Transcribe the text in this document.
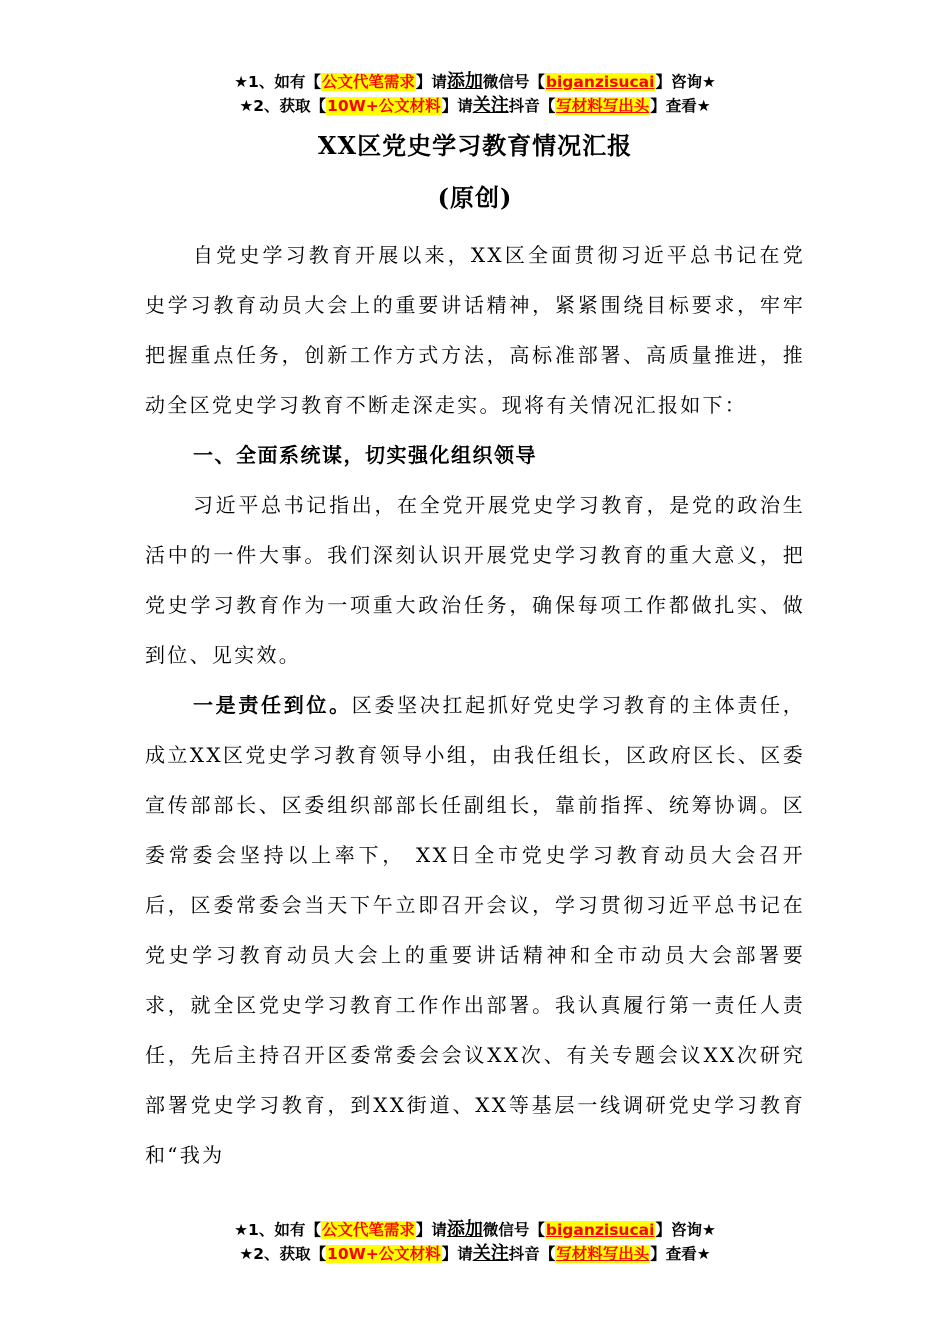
★1、如有【公文代笔需求】请添加微信号【biganzisucai】咨询★
★2、获取【10W+公文材料】请关注抖音【写材料写出头】查看★
XX区党史学习教育情况汇报
(原创)

自党史学习教育开展以来，XX区全面贯彻习近平总书记在党史学习教育动员大会上的重要讲话精神，紧紧围绕目标要求，牢牢把握重点任务，创新工作方式方法，高标准部署、高质量推进，推动全区党史学习教育不断走深走实。现将有关情况汇报如下：

一、全面系统谋，切实强化组织领导

习近平总书记指出，在全党开展党史学习教育，是党的政治生活中的一件大事。我们深刻认识开展党史学习教育的重大意义，把党史学习教育作为一项重大政治任务，确保每项工作都做扎实、做到位、见实效。

一是责任到位。区委坚决扛起抓好党史学习教育的主体责任，成立XX区党史学习教育领导小组，由我任组长，区政府区长、区委宣传部部长、区委组织部部长任副组长，靠前指挥、统筹协调。区委常委会坚持以上率下， XX日全市党史学习教育动员大会召开后，区委常委会当天下午立即召开会议，学习贯彻习近平总书记在党史学习教育动员大会上的重要讲话精神和全市动员大会部署要求，就全区党史学习教育工作作出部署。我认真履行第一责任人责任，先后主持召开区委常委会会议XX次、有关专题会议XX次研究部署党史学习教育，到XX街道、XX等基层一线调研党史学习教育和“我为

★1、如有【公文代笔需求】请添加微信号【biganzisucai】咨询★
★2、获取【10W+公文材料】请关注抖音【写材料写出头】查看★
